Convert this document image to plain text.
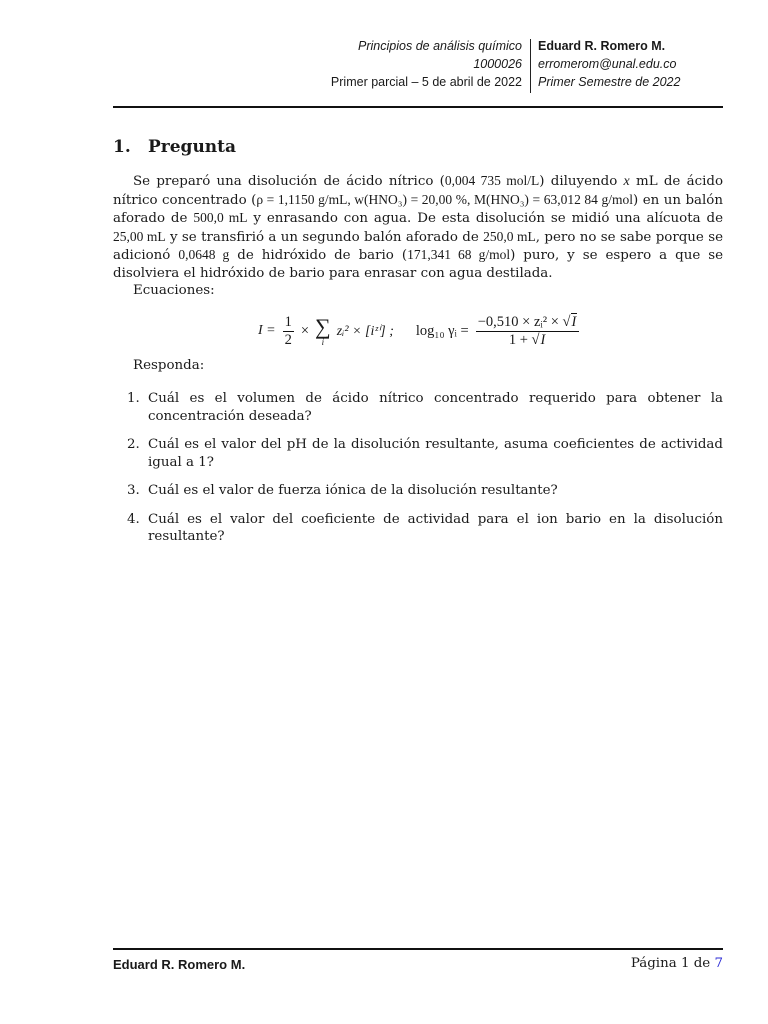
Principios de análisis químico
1000026
Primer parcial – 5 de abril de 2022
Eduard R. Romero M.
erromerom@unal.edu.co
Primer Semestre de 2022
1. Pregunta

Se preparó una disolución de ácido nítrico (0,004 735 mol/L) diluyendo x mL de ácido nítrico concentrado (ρ = 1,1150 g/mL, w(HNO₃) = 20,00 %, M(HNO₃) = 63,012 84 g/mol) en un balón aforado de 500,0 mL y enrasando con agua. De esta disolución se midió una alícuota de 25,00 mL y se transfirió a un segundo balón aforado de 250,0 mL, pero no se sabe porque se adicionó 0,0648 g de hidróxido de bario (171,341 68 g/mol) puro, y se espero a que se disolviera el hidróxido de bario para enrasar con agua destilada.

Ecuaciones:

$I = \frac{1}{2}$ × ∑
i
zᵢ² × [iᶻⁱ] ; log₁₀ γᵢ = $\frac{\text{−0,510 × zᵢ² × √I}}{1 + √I}$
Responda:
1. Cuál es el volumen de ácido nítrico concentrado requerido para obtener la concentración deseada?
2. Cuál es el valor del pH de la disolución resultante, asuma coeficientes de actividad igual a 1?
3. Cuál es el valor de fuerza iónica de la disolución resultante?
4. Cuál es el valor del coeficiente de actividad para el ion bario en la disolución resultante?
Eduard R. Romero M.	Página 1 de 7
